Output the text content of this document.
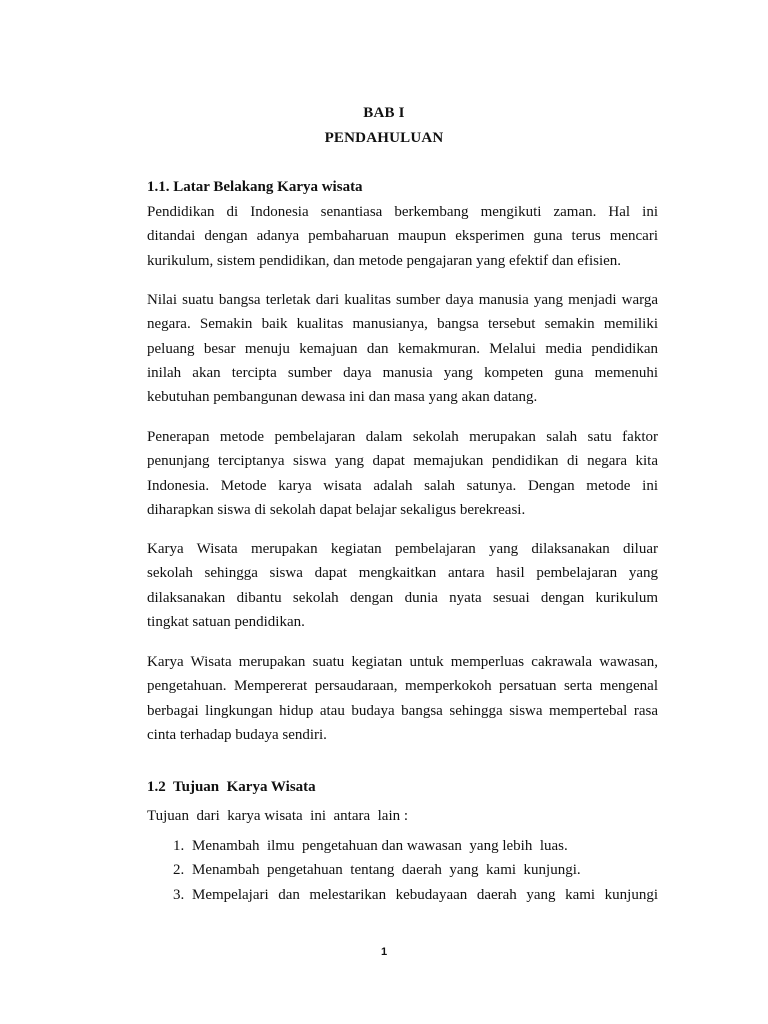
BAB I
PENDAHULUAN
1.1. Latar Belakang Karya wisata
Pendidikan di Indonesia senantiasa berkembang mengikuti zaman. Hal ini
ditandai dengan adanya pembaharuan maupun eksperimen guna terus mencari
kurikulum, sistem pendidikan, dan metode pengajaran yang efektif dan efisien.
Nilai suatu bangsa terletak dari kualitas sumber daya manusia yang menjadi warga
negara. Semakin baik kualitas manusianya, bangsa tersebut semakin memiliki
peluang besar menuju kemajuan dan kemakmuran. Melalui media pendidikan
inilah akan tercipta sumber daya manusia yang kompeten guna memenuhi
kebutuhan pembangunan dewasa ini dan masa yang akan datang.
Penerapan metode pembelajaran dalam sekolah merupakan salah satu faktor
penunjang terciptanya siswa yang dapat memajukan pendidikan di negara kita
Indonesia. Metode karya wisata adalah salah satunya. Dengan metode ini
diharapkan siswa di sekolah dapat belajar sekaligus berekreasi.
Karya Wisata merupakan kegiatan pembelajaran yang dilaksanakan diluar
sekolah sehingga siswa dapat mengkaitkan antara hasil pembelajaran yang
dilaksanakan dibantu sekolah dengan dunia nyata sesuai dengan kurikulum
tingkat satuan pendidikan.
Karya Wisata merupakan suatu kegiatan untuk memperluas cakrawala wawasan,
pengetahuan. Mempererat persaudaraan, memperkokoh persatuan serta mengenal
berbagai lingkungan hidup atau budaya bangsa sehingga siswa mempertebal rasa
cinta terhadap budaya sendiri.
1.2  Tujuan  Karya Wisata
Tujuan  dari  karya wisata  ini  antara  lain :
1. Menambah  ilmu  pengetahuan dan wawasan  yang lebih  luas.
2. Menambah  pengetahuan  tentang  daerah  yang  kami  kunjungi.
3. Mempelajari dan melestarikan kebudayaan daerah yang kami kunjungi
1
